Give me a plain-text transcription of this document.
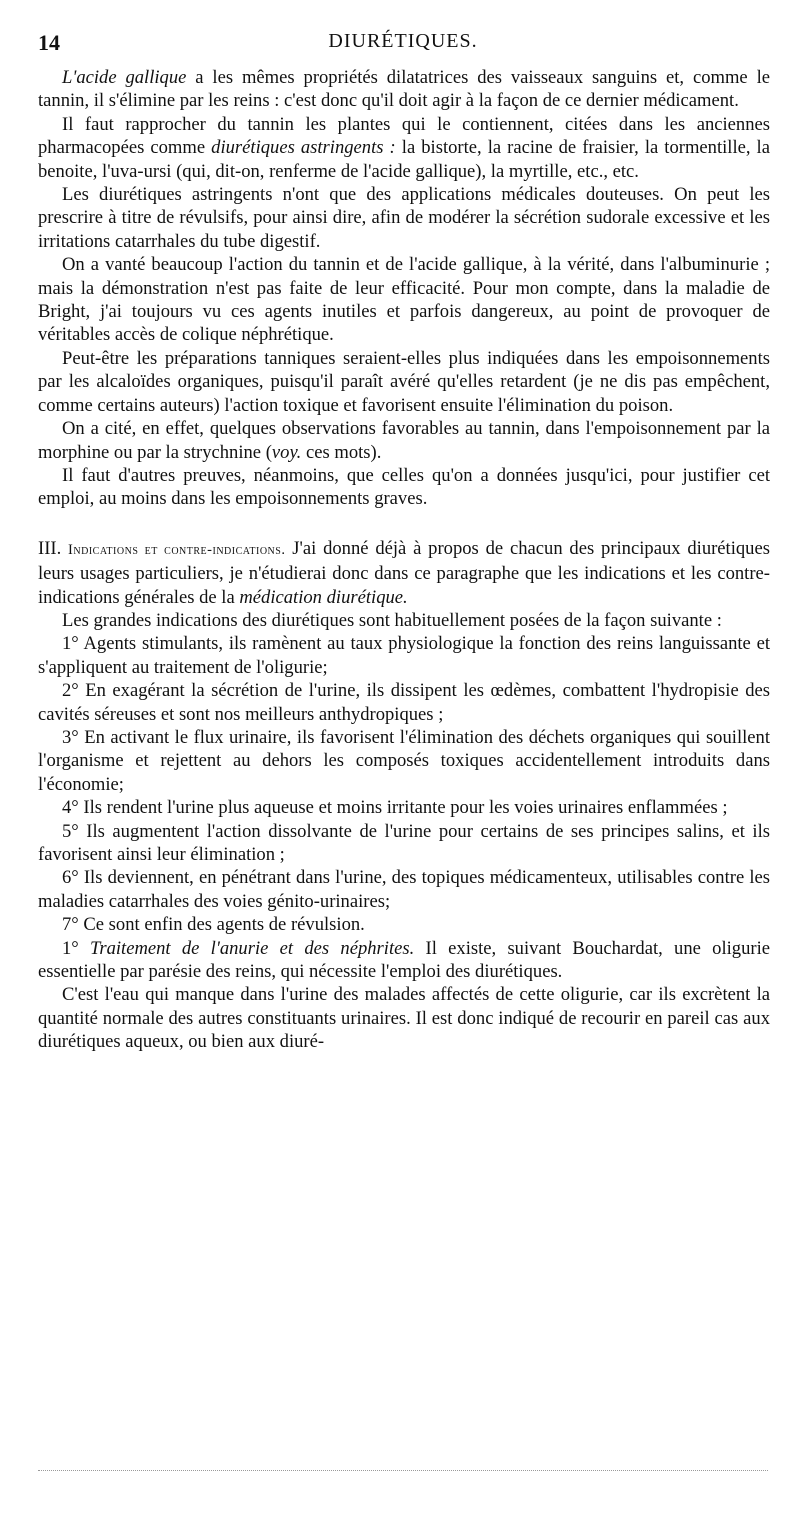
14	DIURÉTIQUES.

L'acide gallique a les mêmes propriétés dilatatrices des vaisseaux sanguins et, comme le tannin, il s'élimine par les reins : c'est donc qu'il doit agir à la façon de ce dernier médicament.

Il faut rapprocher du tannin les plantes qui le contiennent, citées dans les anciennes pharmacopées comme diurétiques astringents : la bistorte, la racine de fraisier, la tormentille, la benoite, l'uva-ursi (qui, dit-on, renferme de l'acide gallique), la myrtille, etc., etc.

Les diurétiques astringents n'ont que des applications médicales douteuses. On peut les prescrire à titre de révulsifs, pour ainsi dire, afin de modérer la sécrétion sudorale excessive et les irritations catarrhales du tube digestif.

On a vanté beaucoup l'action du tannin et de l'acide gallique, à la vérité, dans l'albuminurie ; mais la démonstration n'est pas faite de leur efficacité. Pour mon compte, dans la maladie de Bright, j'ai toujours vu ces agents inutiles et parfois dangereux, au point de provoquer de véritables accès de colique néphrétique.

Peut-être les préparations tanniques seraient-elles plus indiquées dans les empoisonnements par les alcaloïdes organiques, puisqu'il paraît avéré qu'elles retardent (je ne dis pas empêchent, comme certains auteurs) l'action toxique et favorisent ensuite l'élimination du poison.

On a cité, en effet, quelques observations favorables au tannin, dans l'empoisonnement par la morphine ou par la strychnine (voy. ces mots).

Il faut d'autres preuves, néanmoins, que celles qu'on a données jusqu'ici, pour justifier cet emploi, au moins dans les empoisonnements graves.

III. Indications et contre-indications. J'ai donné déjà à propos de chacun des principaux diurétiques leurs usages particuliers, je n'étudierai donc dans ce paragraphe que les indications et les contre-indications générales de la médication diurétique.

Les grandes indications des diurétiques sont habituellement posées de la façon suivante :

1° Agents stimulants, ils ramènent au taux physiologique la fonction des reins languissante et s'appliquent au traitement de l'oligurie;

2° En exagérant la sécrétion de l'urine, ils dissipent les œdèmes, combattent l'hydropisie des cavités séreuses et sont nos meilleurs anthydropiques ;

3° En activant le flux urinaire, ils favorisent l'élimination des déchets organiques qui souillent l'organisme et rejettent au dehors les composés toxiques accidentellement introduits dans l'économie;

4° Ils rendent l'urine plus aqueuse et moins irritante pour les voies urinaires enflammées ;

5° Ils augmentent l'action dissolvante de l'urine pour certains de ses principes salins, et ils favorisent ainsi leur élimination ;

6° Ils deviennent, en pénétrant dans l'urine, des topiques médicamenteux, utilisables contre les maladies catarrhales des voies génito-urinaires;

7° Ce sont enfin des agents de révulsion.

1° Traitement de l'anurie et des néphrites. Il existe, suivant Bouchardat, une oligurie essentielle par parésie des reins, qui nécessite l'emploi des diurétiques.

C'est l'eau qui manque dans l'urine des malades affectés de cette oligurie, car ils excrètent la quantité normale des autres constituants urinaires. Il est donc indiqué de recourir en pareil cas aux diurétiques aqueux, ou bien aux diuré-
